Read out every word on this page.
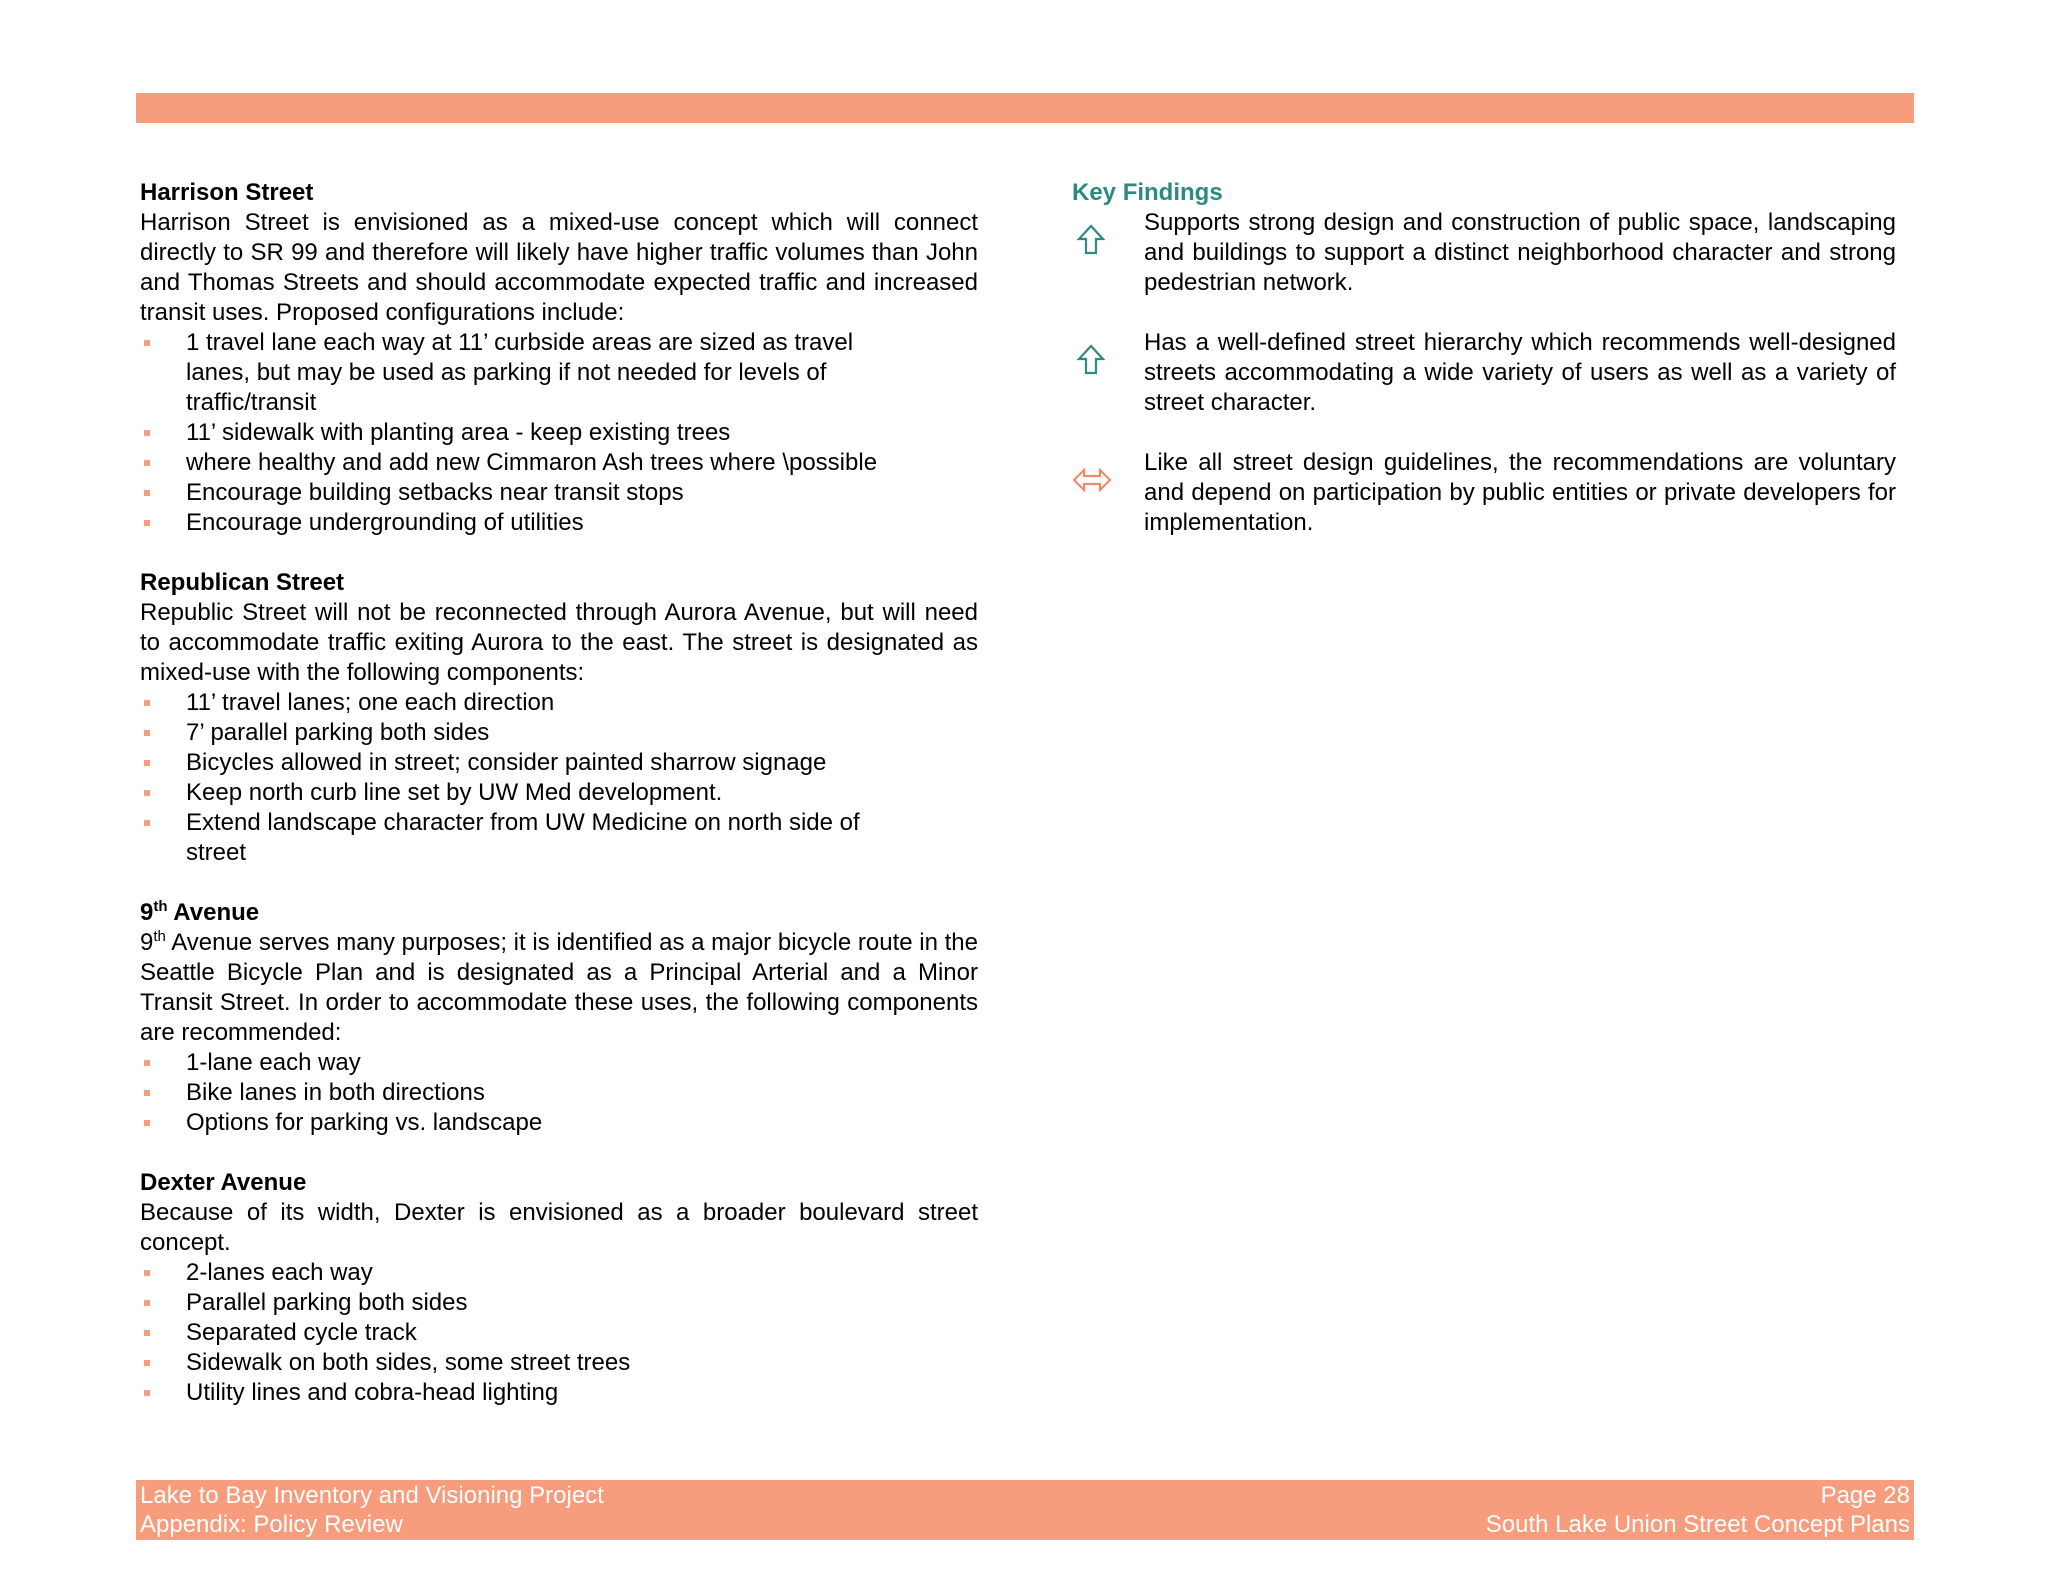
Harrison Street

Harrison Street is envisioned as a mixed-use concept which will connect directly to SR 99 and therefore will likely have higher traffic volumes than John and Thomas Streets and should accommodate expected traffic and increased transit uses. Proposed configurations include:

1 travel lane each way at 11’ curbside areas are sized as travel lanes, but may be used as parking if not needed for levels of traffic/transit
11’ sidewalk with planting area - keep existing trees
where healthy and add new Cimmaron Ash trees where \possible
Encourage building setbacks near transit stops
Encourage undergrounding of utilities

Republican Street

Republic Street will not be reconnected through Aurora Avenue, but will need to accommodate traffic exiting Aurora to the east. The street is designated as mixed-use with the following components:

11’ travel lanes; one each direction
7’ parallel parking both sides
Bicycles allowed in street; consider painted sharrow signage
Keep north curb line set by UW Med development.
Extend landscape character from UW Medicine on north side of street

9th Avenue

9th Avenue serves many purposes; it is identified as a major bicycle route in the Seattle Bicycle Plan and is designated as a Principal Arterial and a Minor Transit Street. In order to accommodate these uses, the following components are recommended:

1-lane each way
Bike lanes in both directions
Options for parking vs. landscape

Dexter Avenue

Because of its width, Dexter is envisioned as a broader boulevard street concept.

2-lanes each way
Parallel parking both sides
Separated cycle track
Sidewalk on both sides, some street trees
Utility lines and cobra-head lighting

Key Findings

Supports strong design and construction of public space, landscaping and buildings to support a distinct neighborhood character and strong pedestrian network.

Has a well-defined street hierarchy which recommends well-designed streets accommodating a wide variety of users as well as a variety of street character.

Like all street design guidelines, the recommendations are voluntary and depend on participation by public entities or private developers for implementation.

Lake to Bay Inventory and Visioning Project
Appendix: Policy Review
Page 28
South Lake Union Street Concept Plans
